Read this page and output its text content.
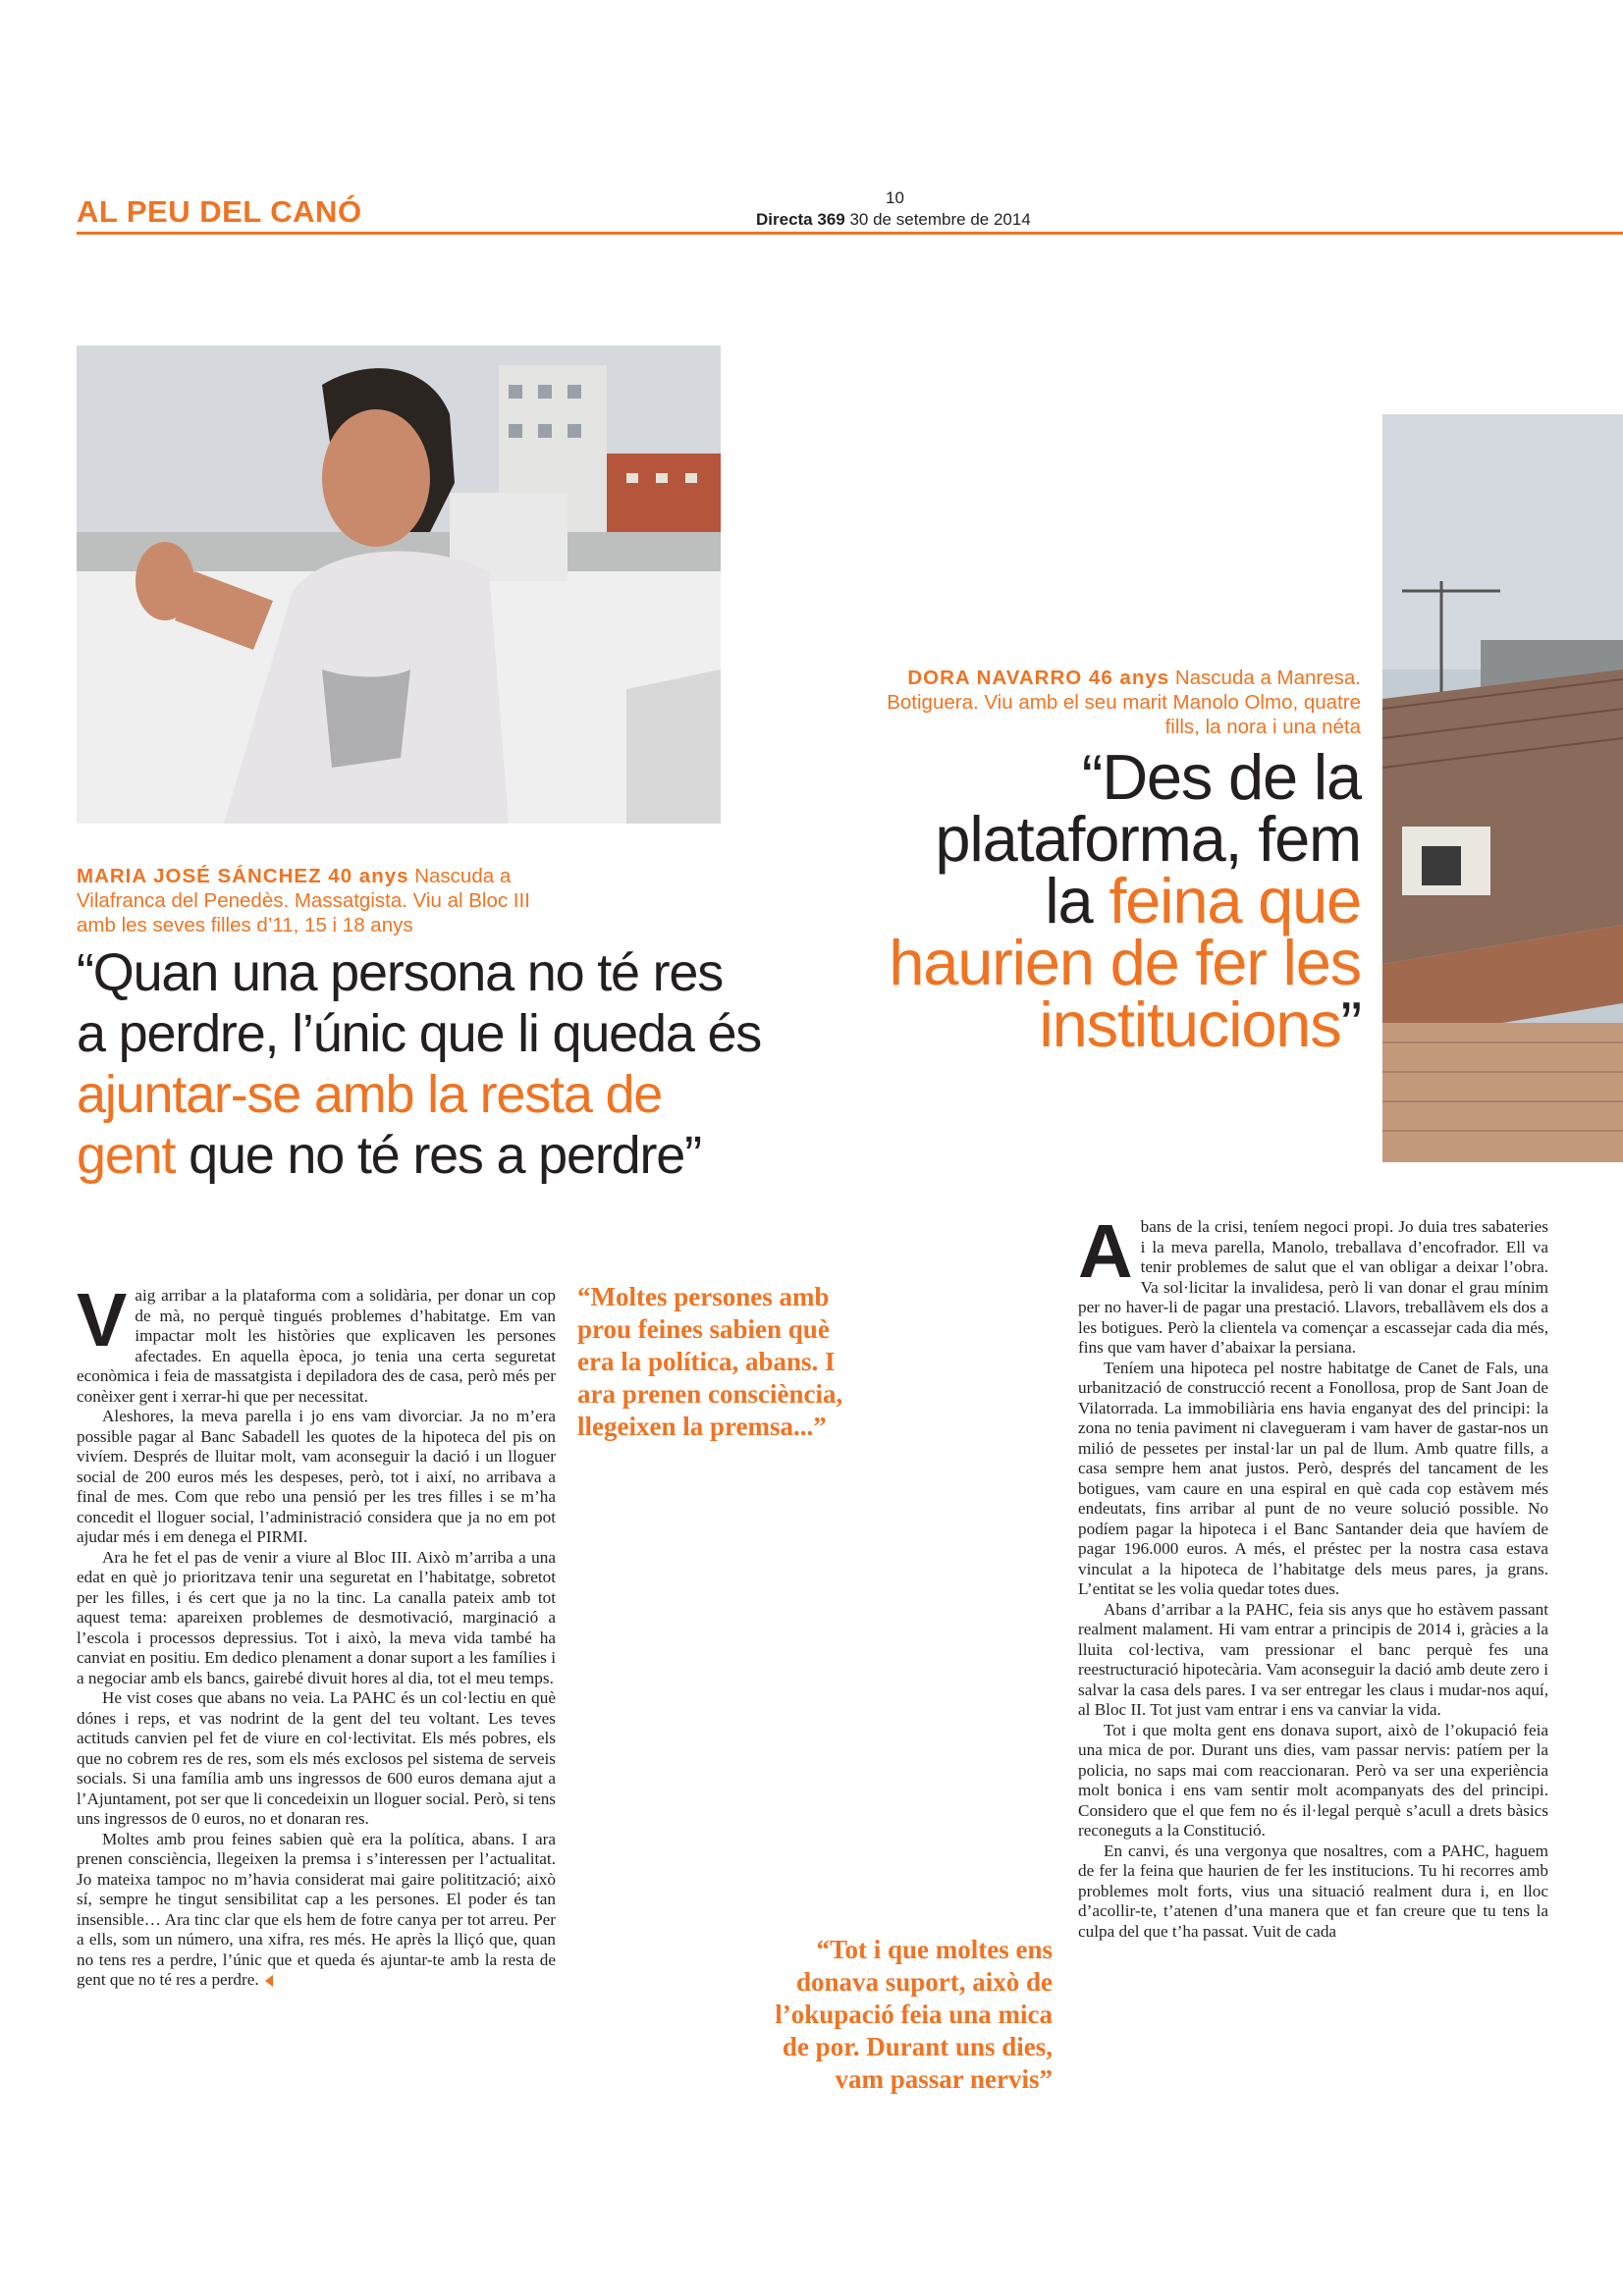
AL PEU DEL CANÓ	10
Directa 369 30 de setembre de 2014
DORA NAVARRO 46 anys Nascuda a Manresa. Botiguera. Viu amb el seu marit Manolo Olmo, quatre fills, la nora i una néta
“Des de la plataforma, fem la feina que haurien de fer les institucions”
MARIA JOSÉ SÁNCHEZ 40 anys Nascuda a Vilafranca del Penedès. Massatgista. Viu al Bloc III amb les seves filles d’11, 15 i 18 anys
“Quan una persona no té res a perdre, l’únic que li queda és ajuntar-se amb la resta de gent que no té res a perdre”

Vaig arribar a la plataforma com a solidària, per donar un cop de mà, no perquè tingués problemes d’habitatge. Em van impactar molt les històries que explicaven les persones afectades. En aquella època, jo tenia una certa seguretat econòmica i feia de massatgista i depiladora des de casa, però més per conèixer gent i xerrar-hi que per necessitat.

Aleshores, la meva parella i jo ens vam divorciar. Ja no m’era possible pagar al Banc Sabadell les quotes de la hipoteca del pis on vivíem. Després de lluitar molt, vam aconseguir la dació i un lloguer social de 200 euros més les despeses, però, tot i així, no arribava a final de mes. Com que rebo una pensió per les tres filles i se m’ha concedit el lloguer social, l’administració considera que ja no em pot ajudar més i em denega el PIRMI.

Ara he fet el pas de venir a viure al Bloc III. Això m’arriba a una edat en què jo prioritzava tenir una seguretat en l’habitatge, sobretot per les filles, i és cert que ja no la tinc. La canalla pateix amb tot aquest tema: apareixen problemes de desmotivació, marginació a l’escola i processos depressius. Tot i això, la meva vida també ha canviat en positiu. Em dedico plenament a donar suport a les famílies i a negociar amb els bancs, gairebé divuit hores al dia, tot el meu temps.

He vist coses que abans no veia. La PAHC és un col·lectiu en què dónes i reps, et vas nodrint de la gent del teu voltant. Les teves actituds canvien pel fet de viure en col·lectivitat. Els més pobres, els que no cobrem res de res, som els més exclosos pel sistema de serveis socials. Si una família amb uns ingressos de 600 euros demana ajut a l’Ajuntament, pot ser que li concedeixin un lloguer social. Però, si tens uns ingressos de 0 euros, no et donaran res.

Moltes amb prou feines sabien què era la política, abans. I ara prenen consciència, llegeixen la premsa i s’interessen per l’actualitat. Jo mateixa tampoc no m’havia considerat mai gaire politització; això sí, sempre he tingut sensibilitat cap a les persones. El poder és tan insensible… Ara tinc clar que els hem de fotre canya per tot arreu. Per a ells, som un número, una xifra, res més. He après la lliçó que, quan no tens res a perdre, l’únic que et queda és ajuntar-te amb la resta de gent que no té res a perdre.

“Moltes persones amb prou feines sabien què era la política, abans. I ara prenen consciència, llegeixen la premsa...”

Abans de la crisi, teníem negoci propi. Jo duia tres sabateries i la meva parella, Manolo, treballava d’encofrador. Ell va tenir problemes de salut que el van obligar a deixar l’obra. Va sol·licitar la invalidesa, però li van donar el grau mínim per no haver-li de pagar una prestació. Llavors, treballàvem els dos a les botigues. Però la clientela va començar a escassejar cada dia més, fins que vam haver d’abaixar la persiana.

Teníem una hipoteca pel nostre habitatge de Canet de Fals, una urbanització de construcció recent a Fonollosa, prop de Sant Joan de Vilatorrada. La immobiliària ens havia enganyat des del principi: la zona no tenia paviment ni clavegueram i vam haver de gastar-nos un milió de pessetes per instal·lar un pal de llum. Amb quatre fills, a casa sempre hem anat justos. Però, després del tancament de les botigues, vam caure en una espiral en què cada cop estàvem més endeutats, fins arribar al punt de no veure solució possible. No podíem pagar la hipoteca i el Banc Santander deia que havíem de pagar 196.000 euros. A més, el préstec per la nostra casa estava vinculat a la hipoteca de l’habitatge dels meus pares, ja grans. L’entitat se les volia quedar totes dues.

Abans d’arribar a la PAHC, feia sis anys que ho estàvem passant realment malament. Hi vam entrar a principis de 2014 i, gràcies a la lluita col·lectiva, vam pressionar el banc perquè fes una reestructuració hipotecària. Vam aconseguir la dació amb deute zero i salvar la casa dels pares. I va ser entregar les claus i mudar-nos aquí, al Bloc II. Tot just vam entrar i ens va canviar la vida.

Tot i que molta gent ens donava suport, això de l’okupació feia una mica de por. Durant uns dies, vam passar nervis: patíem per la policia, no saps mai com reaccionaran. Però va ser una experiència molt bonica i ens vam sentir molt acompanyats des del principi. Considero que el que fem no és il·legal perquè s’acull a drets bàsics reconeguts a la Constitució.

En canvi, és una vergonya que nosaltres, com a PAHC, haguem de fer la feina que haurien de fer les institucions. Tu hi recorres amb problemes molt forts, vius una situació realment dura i, en lloc d’acollir-te, t’atenen d’una manera que et fan creure que tu tens la culpa del que t’ha passat. Vuit de cada

“Tot i que moltes ens donava suport, això de l’okupació feia una mica de por. Durant uns dies, vam passar nervis”
